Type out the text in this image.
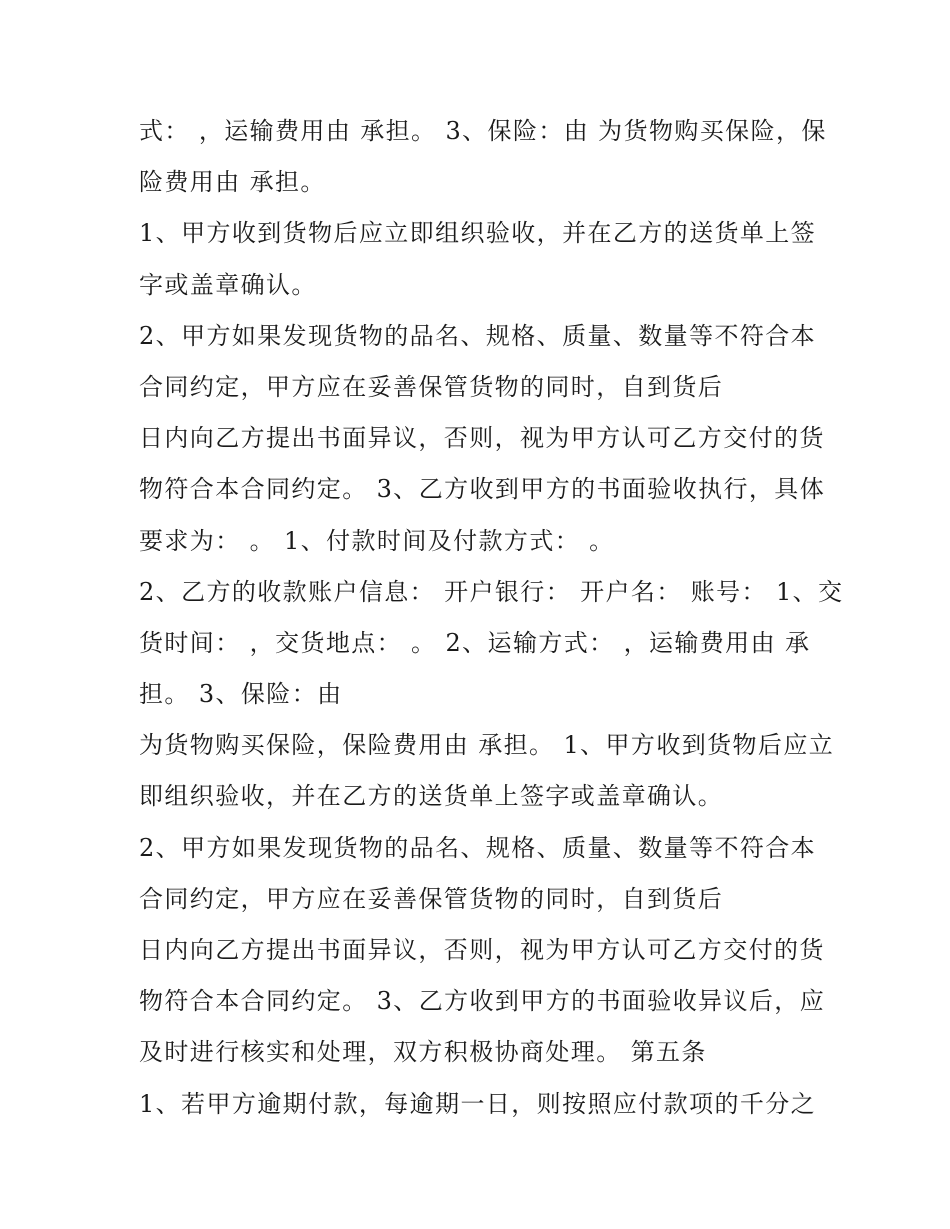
式： ，运输费用由 承担。 3、保险：由 为货物购买保险，保
险费用由 承担。
1、甲方收到货物后应立即组织验收，并在乙方的送货单上签
字或盖章确认。
2、甲方如果发现货物的品名、规格、质量、数量等不符合本
合同约定，甲方应在妥善保管货物的同时，自到货后
日内向乙方提出书面异议，否则，视为甲方认可乙方交付的货
物符合本合同约定。 3、乙方收到甲方的书面验收执行，具体
要求为： 。 1、付款时间及付款方式： 。
2、乙方的收款账户信息： 开户银行： 开户名： 账号： 1、交
货时间： ，交货地点： 。 2、运输方式： ，运输费用由 承
担。 3、保险：由
为货物购买保险，保险费用由 承担。 1、甲方收到货物后应立
即组织验收，并在乙方的送货单上签字或盖章确认。
2、甲方如果发现货物的品名、规格、质量、数量等不符合本
合同约定，甲方应在妥善保管货物的同时，自到货后
日内向乙方提出书面异议，否则，视为甲方认可乙方交付的货
物符合本合同约定。 3、乙方收到甲方的书面验收异议后，应
及时进行核实和处理，双方积极协商处理。 第五条
1、若甲方逾期付款，每逾期一日，则按照应付款项的千分之
